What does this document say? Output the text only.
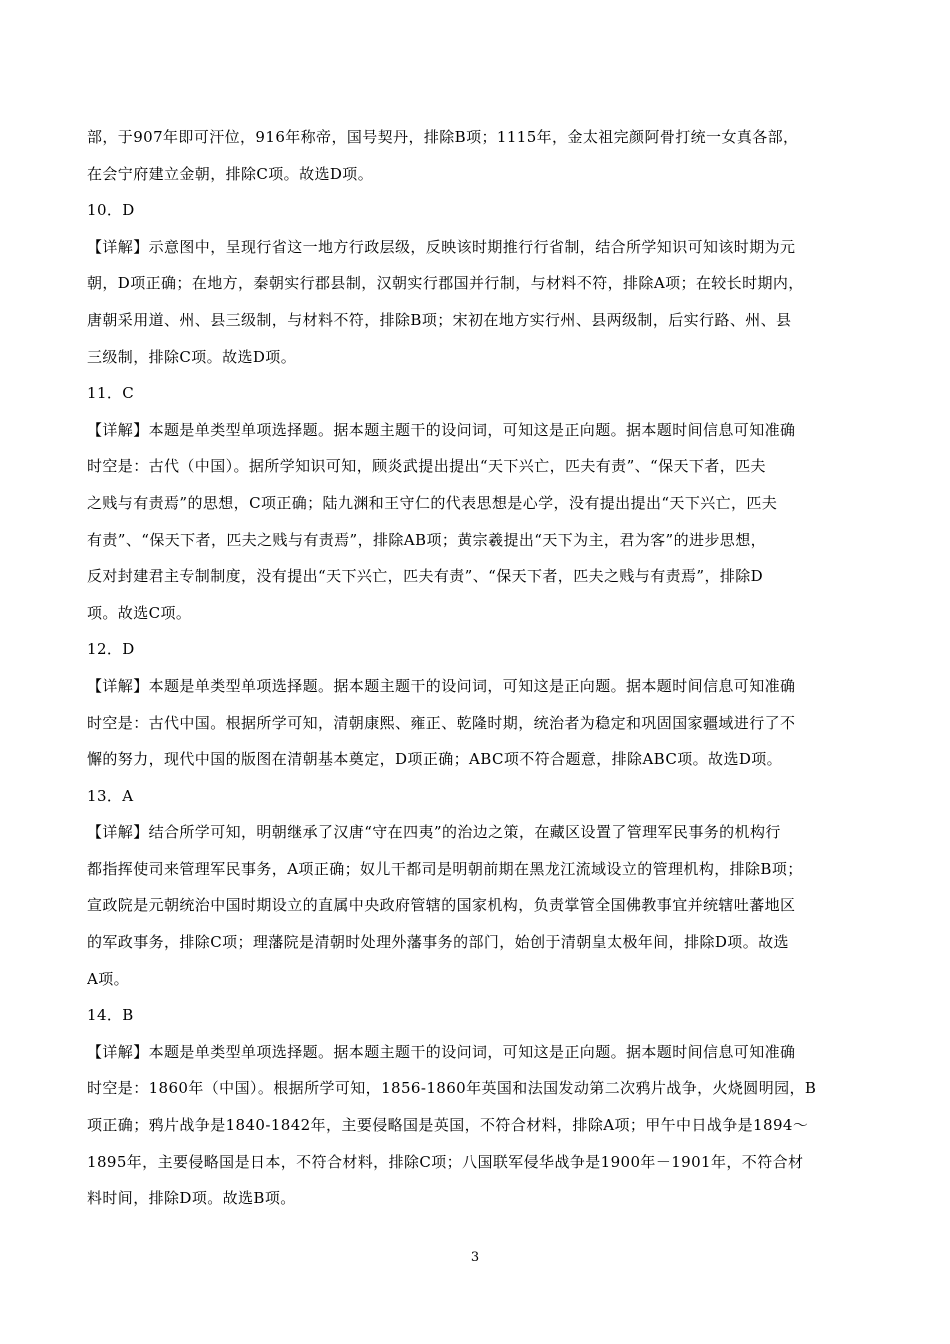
部，于907年即可汗位，916年称帝，国号契丹，排除B项；1115年，金太祖完颜阿骨打统一女真各部，
在会宁府建立金朝，排除C项。故选D项。
10．D
【详解】示意图中，呈现行省这一地方行政层级，反映该时期推行行省制，结合所学知识可知该时期为元
朝，D项正确；在地方，秦朝实行郡县制，汉朝实行郡国并行制，与材料不符，排除A项；在较长时期内，
唐朝采用道、州、县三级制，与材料不符，排除B项；宋初在地方实行州、县两级制，后实行路、州、县
三级制，排除C项。故选D项。
11．C
【详解】本题是单类型单项选择题。据本题主题干的设问词，可知这是正向题。据本题时间信息可知准确
时空是：古代（中国）。据所学知识可知，顾炎武提出提出“天下兴亡，匹夫有责”、“保天下者，匹夫
之贱与有责焉”的思想，C项正确；陆九渊和王守仁的代表思想是心学，没有提出提出“天下兴亡，匹夫
有责”、“保天下者，匹夫之贱与有责焉”，排除AB项；黄宗羲提出“天下为主，君为客”的进步思想，
反对封建君主专制制度，没有提出“天下兴亡，匹夫有责”、“保天下者，匹夫之贱与有责焉”，排除D
项。故选C项。
12．D
【详解】本题是单类型单项选择题。据本题主题干的设问词，可知这是正向题。据本题时间信息可知准确
时空是：古代中国。根据所学可知，清朝康熙、雍正、乾隆时期，统治者为稳定和巩固国家疆域进行了不
懈的努力，现代中国的版图在清朝基本奠定，D项正确；ABC项不符合题意，排除ABC项。故选D项。
13．A
【详解】结合所学可知，明朝继承了汉唐“守在四夷”的治边之策，在藏区设置了管理军民事务的机构行
都指挥使司来管理军民事务，A项正确；奴儿干都司是明朝前期在黑龙江流域设立的管理机构，排除B项；
宣政院是元朝统治中国时期设立的直属中央政府管辖的国家机构，负责掌管全国佛教事宜并统辖吐蕃地区
的军政事务，排除C项；理藩院是清朝时处理外藩事务的部门，始创于清朝皇太极年间，排除D项。故选
A项。
14．B
【详解】本题是单类型单项选择题。据本题主题干的设问词，可知这是正向题。据本题时间信息可知准确
时空是：1860年（中国）。根据所学可知，1856-1860年英国和法国发动第二次鸦片战争，火烧圆明园，B
项正确；鸦片战争是1840-1842年，主要侵略国是英国，不符合材料，排除A项；甲午中日战争是1894～
1895年，主要侵略国是日本，不符合材料，排除C项；八国联军侵华战争是1900年－1901年，不符合材
料时间，排除D项。故选B项。
3
